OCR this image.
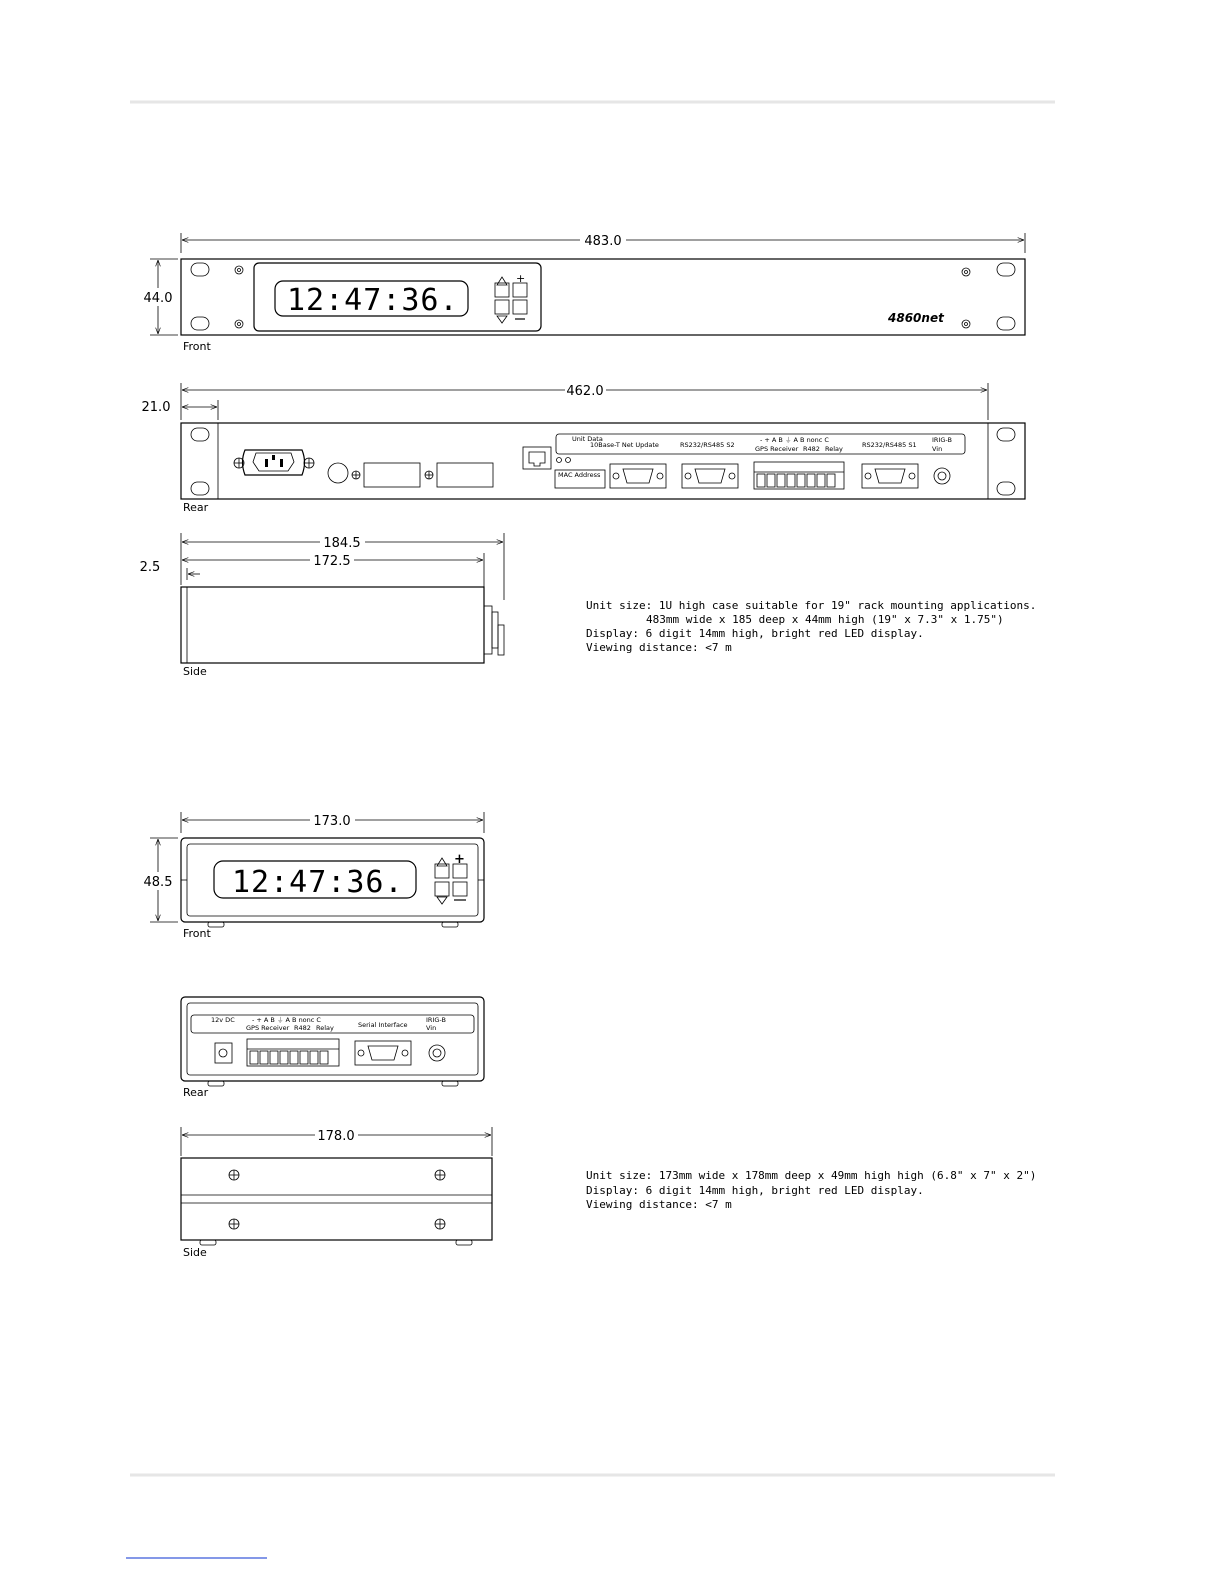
483.0
44.0	12:47:36.
+
4860net
Front
462.0
21.0
Unit Data
10Base-T Net Update	RS232/RS485 S2
- + A B ⏚ A B nonc C
GPS Receiver R482 Relay	RS232/RS485 S1
IRIG-B
Vin
MAC Address
Rear
184.5
172.5
2.5
Side
Unit size: 1U high case suitable for 19" rack mounting applications.
483mm wide x 185 deep x 44mm high (19" x 7.3" x 1.75")
Display: 6 digit 14mm high, bright red LED display.
Viewing distance: <7 m
173.0
48.5 12:47:36.
+
Front
12v DC	- + A B ⏚ A B nonc C
GPS Receiver R482 Relay	Serial Interface
IRIG-B
Vin
Rear
178.0
Side
Unit size: 173mm wide x 178mm deep x 49mm high high (6.8" x 7" x 2")
Display: 6 digit 14mm high, bright red LED display.
Viewing distance: <7 m
